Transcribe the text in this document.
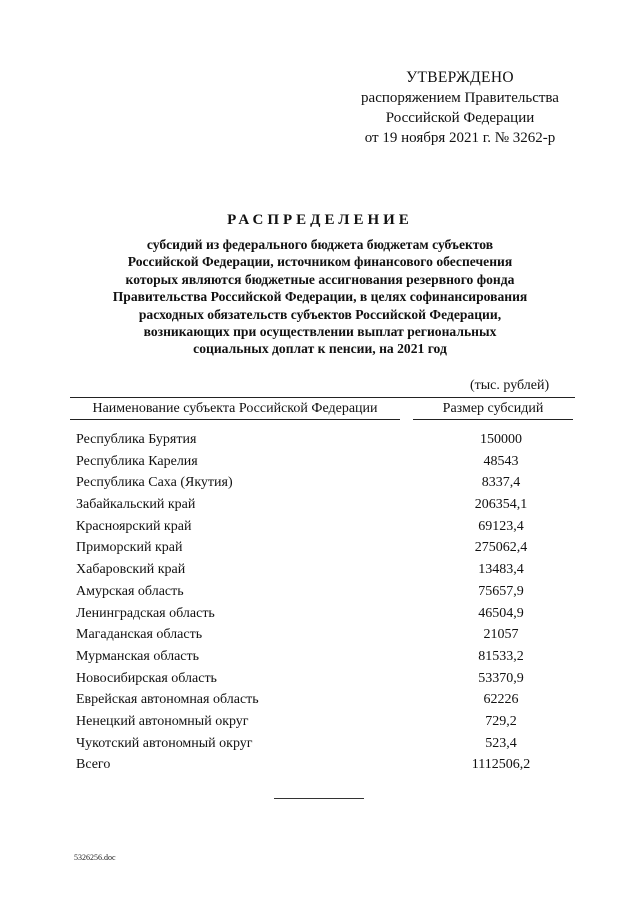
УТВЕРЖДЕНО
распоряжением Правительства
Российской Федерации
от 19 ноября 2021 г. № 3262-р
РАСПРЕДЕЛЕНИЕ
субсидий из федерального бюджета бюджетам субъектов
Российской Федерации, источником финансового обеспечения
которых являются бюджетные ассигнования резервного фонда
Правительства Российской Федерации, в целях софинансирования
расходных обязательств субъектов Российской Федерации,
возникающих при осуществлении выплат региональных
социальных доплат к пенсии, на 2021 год
(тыс. рублей)
Наименование субъекта Российской Федерации	Размер субсидий
Республика Бурятия	150000
Республика Карелия	48543
Республика Саха (Якутия)	8337,4
Забайкальский край	206354,1
Красноярский край	69123,4
Приморский край	275062,4
Хабаровский край	13483,4
Амурская область	75657,9
Ленинградская область	46504,9
Магаданская область	21057
Мурманская область	81533,2
Новосибирская область	53370,9
Еврейская автономная область	62226
Ненецкий автономный округ	729,2
Чукотский автономный округ	523,4
Всего	1112506,2
5326256.doc
